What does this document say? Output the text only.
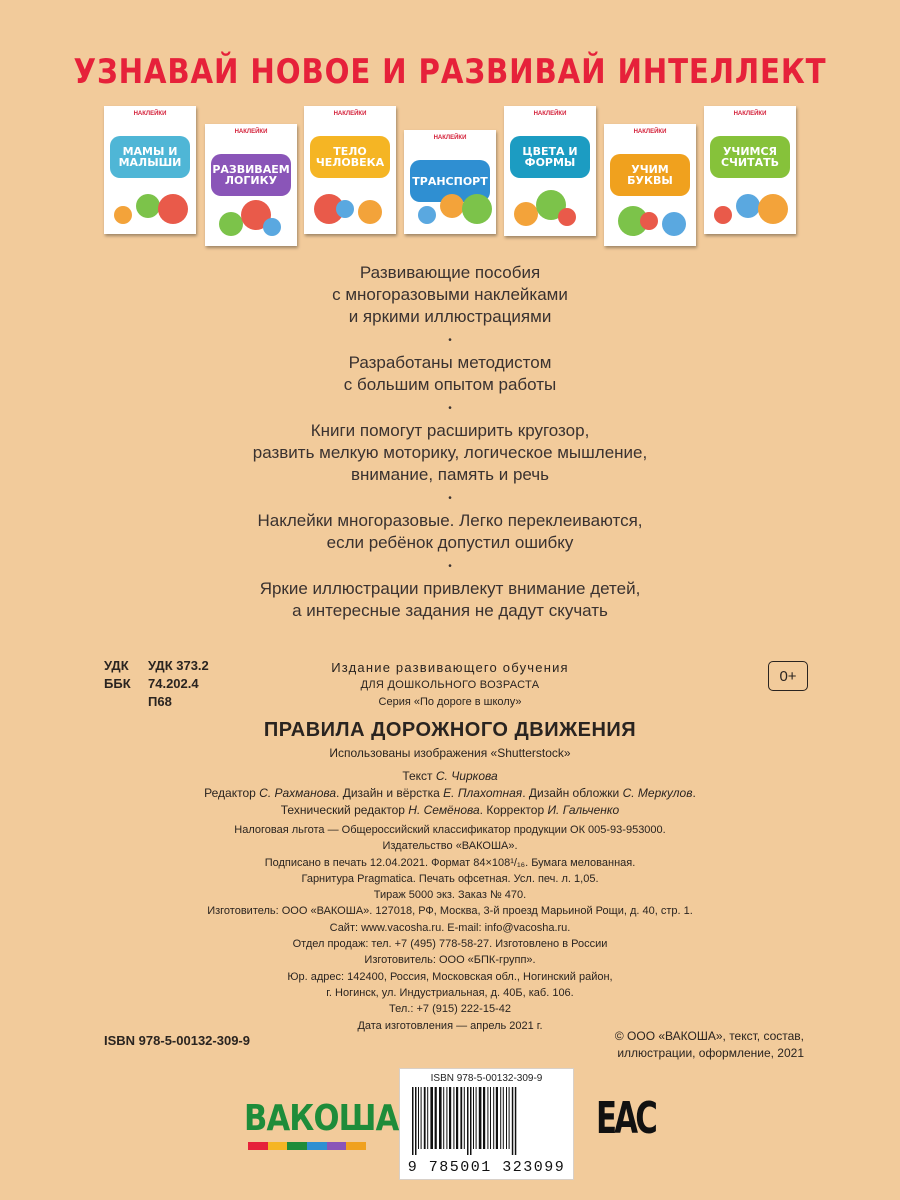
УЗНАВАЙ НОВОЕ И РАЗВИВАЙ ИНТЕЛЛЕКТ
НАКЛЕЙКИ
МАМЫ И МАЛЫШИ
НАКЛЕЙКИ
РАЗВИВАЕМ ЛОГИКУ
НАКЛЕЙКИ
ТЕЛО ЧЕЛОВЕКА
НАКЛЕЙКИ
ТРАНСПОРТ
НАКЛЕЙКИ
ЦВЕТА И ФОРМЫ
НАКЛЕЙКИ
УЧИМ БУКВЫ
НАКЛЕЙКИ
УЧИМСЯ СЧИТАТЬ
Развивающие пособия
с многоразовыми наклейками
и яркими иллюстрациями
•
Разработаны методистом
с большим опытом работы
•
Книги помогут расширить кругозор,
развить мелкую моторику, логическое мышление,
внимание, память и речь
•
Наклейки многоразовые. Легко переклеиваются,
если ребёнок допустил ошибку
•
Яркие иллюстрации привлекут внимание детей,
а интересные задания не дадут скучать
УДК УДК 373.2
ББК 74.202.4
П68
0+
Издание развивающего обучения
ДЛЯ ДОШКОЛЬНОГО ВОЗРАСТА
Серия «По дороге в школу»
ПРАВИЛА ДОРОЖНОГО ДВИЖЕНИЯ
Использованы изображения «Shutterstock»
Текст С. Чиркова
Редактор С. Рахманова. Дизайн и вёрстка Е. Плахотная. Дизайн обложки С. Меркулов.
Технический редактор Н. Семёнова. Корректор И. Гальченко

Налоговая льгота — Общероссийский классификатор продукции ОК 005-93-953000.

Издательство «ВАКОША».

Подписано в печать 12.04.2021. Формат 84×108¹/₁₆. Бумага мелованная.

Гарнитура Pragmatica. Печать офсетная. Усл. печ. л. 1,05.

Тираж 5000 экз. Заказ № 470.

Изготовитель: ООО «ВАКОША». 127018, РФ, Москва, 3-й проезд Марьиной Рощи, д. 40, стр. 1.

Сайт: www.vacosha.ru. E-mail: info@vacosha.ru.

Отдел продаж: тел. +7 (495) 778-58-27. Изготовлено в России

Изготовитель: ООО «БПК-групп».

Юр. адрес: 142400, Россия, Московская обл., Ногинский район,

г. Ногинск, ул. Индустриальная, д. 40Б, каб. 106.

Тел.: +7 (915) 222-15-42

Дата изготовления — апрель 2021 г.

ISBN 978-5-00132-309-9	© ООО «ВАКОША», текст, состав,
иллюстрации, оформление, 2021
ВАКОША
ISBN 978-5-00132-309-9
9 785001 323099
EAC
